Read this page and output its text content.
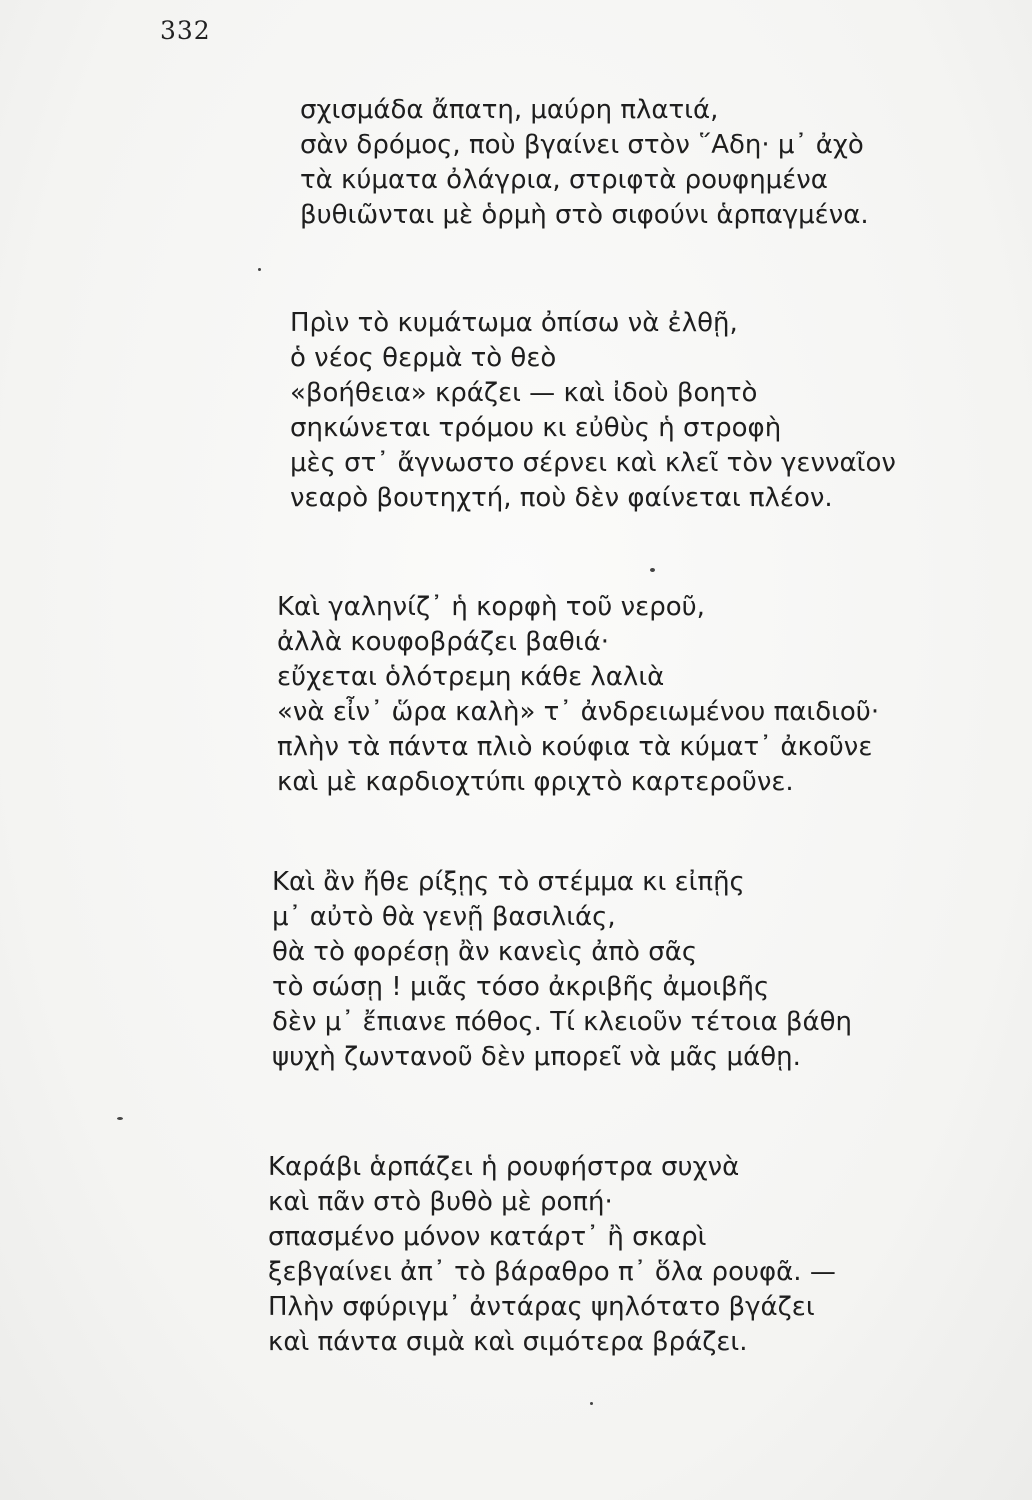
332
σχισμάδα ἄπατη, μαύρη πλατιά,
σὰν δρόμος, ποὺ βγαίνει στὸν ῞Αδη· μ᾽ ἀχὸ
τὰ κύματα ὀλάγρια, στριφτὰ ρουφημένα
βυθιῶνται μὲ ὁρμὴ στὸ σιφούνι ἁρπαγμένα.
Πρὶν τὸ κυμάτωμα ὀπίσω νὰ ἐλθῇ,
ὁ νέος θερμὰ τὸ θεὸ
«βοήθεια» κράζει — καὶ ἰδοὺ βοητὸ
σηκώνεται τρόμου κι εὐθὺς ἡ στροφὴ
μὲς στ᾽ ἄγνωστο σέρνει καὶ κλεῖ τὸν γενναῖον
νεαρὸ βουτηχτή, ποὺ δὲν φαίνεται πλέον.
Καὶ γαληνίζ᾽ ἡ κορφὴ τοῦ νεροῦ,
ἀλλὰ κουφοβράζει βαθιά·
εὔχεται ὁλότρεμη κάθε λαλιὰ
«νὰ εἶν᾽ ὥρα καλὴ» τ᾽ ἀνδρειωμένου παιδιοῦ·
πλὴν τὰ πάντα πλιὸ κούφια τὰ κύματ᾽ ἀκοῦνε
καὶ μὲ καρδιοχτύπι φριχτὸ καρτεροῦνε.
Καὶ ἂν ἤθε ρίξῃς τὸ στέμμα κι εἰπῇς
μ᾽ αὐτὸ θὰ γενῇ βασιλιάς,
θὰ τὸ φορέσῃ ἂν κανεὶς ἀπὸ σᾶς
τὸ σώσῃ ! μιᾶς τόσο ἀκριβῆς ἀμοιβῆς
δὲν μ᾽ ἔπιανε πόθος. Τί κλειοῦν τέτοια βάθη
ψυχὴ ζωντανοῦ δὲν μπορεῖ νὰ μᾶς μάθῃ.
Καράβι ἁρπάζει ἡ ρουφήστρα συχνὰ
καὶ πᾶν στὸ βυθὸ μὲ ροπή·
σπασμένο μόνον κατάρτ᾽ ἢ σκαρὶ
ξεβγαίνει ἀπ᾽ τὸ βάραθρο π᾽ ὅλα ρουφᾶ. —
Πλὴν σφύριγμ᾽ ἀντάρας ψηλότατο βγάζει
καὶ πάντα σιμὰ καὶ σιμότερα βράζει.
